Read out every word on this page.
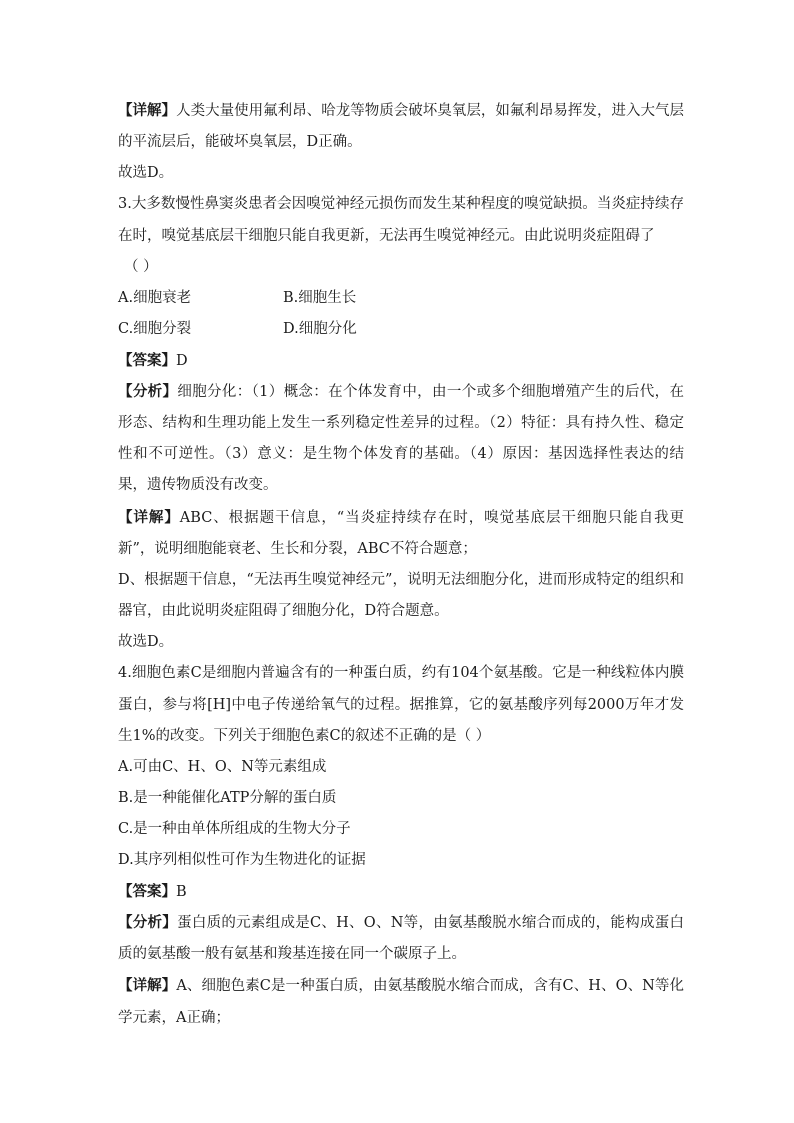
【详解】人类大量使用氟利昂、哈龙等物质会破坏臭氧层，如氟利昂易挥发，进入大气层的平流层后，能破坏臭氧层，D正确。
故选D。
3.大多数慢性鼻窦炎患者会因嗅觉神经元损伤而发生某种程度的嗅觉缺损。当炎症持续存在时，嗅觉基底层干细胞只能自我更新，无法再生嗅觉神经元。由此说明炎症阻碍了
（ ）
A.细胞衰老	B.细胞生长
C.细胞分裂	D.细胞分化
【答案】D
【分析】细胞分化：（1）概念：在个体发育中，由一个或多个细胞增殖产生的后代，在形态、结构和生理功能上发生一系列稳定性差异的过程。（2）特征：具有持久性、稳定性和不可逆性。（3）意义：是生物个体发育的基础。（4）原因：基因选择性表达的结果，遗传物质没有改变。
【详解】ABC、根据题干信息，“当炎症持续存在时，嗅觉基底层干细胞只能自我更新”，说明细胞能衰老、生长和分裂，ABC不符合题意；
D、根据题干信息，“无法再生嗅觉神经元”，说明无法细胞分化，进而形成特定的组织和器官，由此说明炎症阻碍了细胞分化，D符合题意。
故选D。
4.细胞色素C是细胞内普遍含有的一种蛋白质，约有104个氨基酸。它是一种线粒体内膜蛋白，参与将[H]中电子传递给氧气的过程。据推算，它的氨基酸序列每2000万年才发生1%的改变。下列关于细胞色素C的叙述不正确的是（ ）
A.可由C、H、O、N等元素组成
B.是一种能催化ATP分解的蛋白质
C.是一种由单体所组成的生物大分子
D.其序列相似性可作为生物进化的证据
【答案】B
【分析】蛋白质的元素组成是C、H、O、N等，由氨基酸脱水缩合而成的，能构成蛋白质的氨基酸一般有氨基和羧基连接在同一个碳原子上。
【详解】A、细胞色素C是一种蛋白质，由氨基酸脱水缩合而成，含有C、H、O、N等化学元素，A正确；
